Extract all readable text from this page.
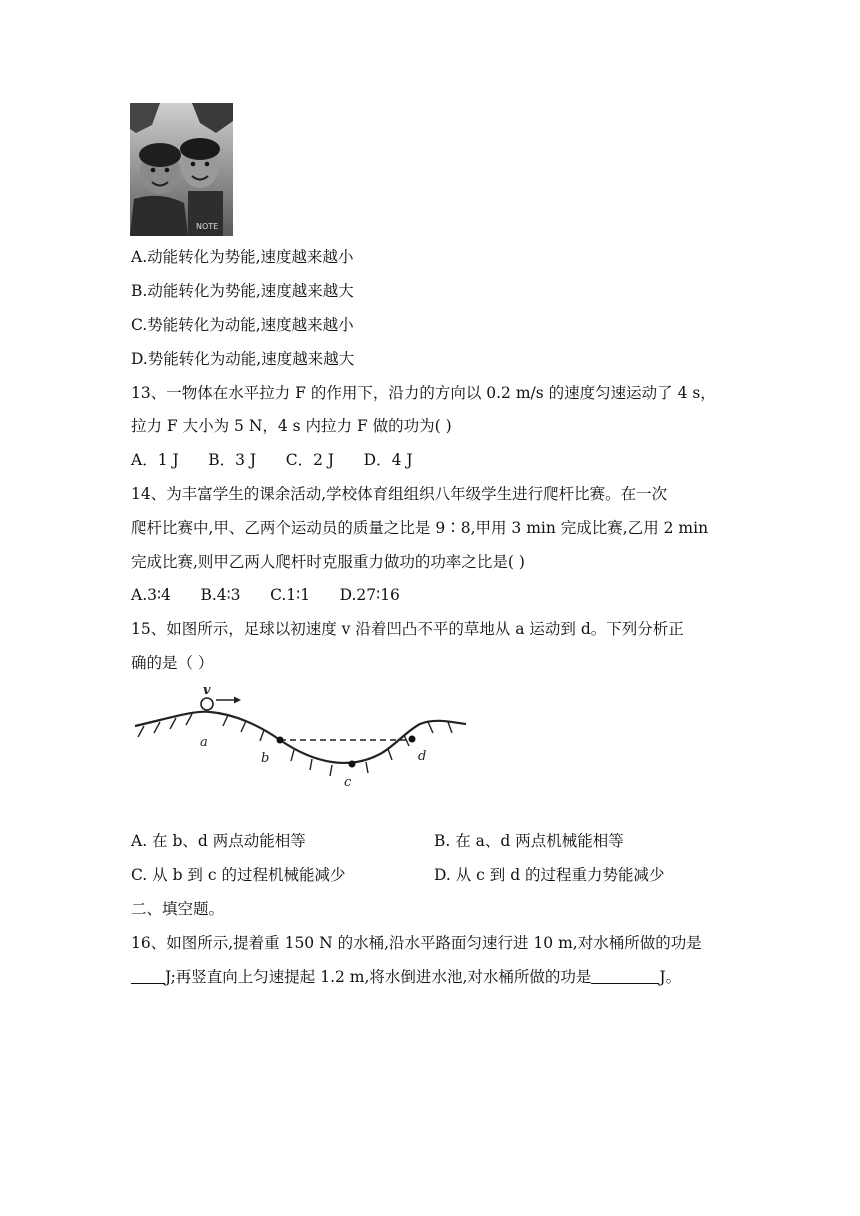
NOTE
A.动能转化为势能,速度越来越小
B.动能转化为势能,速度越来越大
C.势能转化为动能,速度越来越小
D.势能转化为动能,速度越来越大
13、一物体在水平拉力 F 的作用下，沿力的方向以 0.2 m/s 的速度匀速运动了 4 s，
拉力 F 大小为 5 N，4 s 内拉力 F 做的功为( )
A．1 J      B．3 J      C．2 J      D．4 J
14、为丰富学生的课余活动,学校体育组组织八年级学生进行爬杆比赛。在一次
爬杆比赛中,甲、乙两个运动员的质量之比是 9∶8,甲用 3 min 完成比赛,乙用 2 min
完成比赛,则甲乙两人爬杆时克服重力做功的功率之比是( )
A.3∶4      B.4∶3      C.1∶1      D.27∶16
15、如图所示，足球以初速度 v 沿着凹凸不平的草地从 a 运动到 d。下列分析正
确的是（ ）
v
a
b
c
d
A. 在 b、d 两点动能相等	B. 在 a、d 两点机械能相等
C. 从 b 到 c 的过程机械能减少	D. 从 c 到 d 的过程重力势能减少
二、填空题。
16、如图所示,提着重 150 N 的水桶,沿水平路面匀速行进 10 m,对水桶所做的功是
J;再竖直向上匀速提起 1.2 m,将水倒进水池,对水桶所做的功是	J。
